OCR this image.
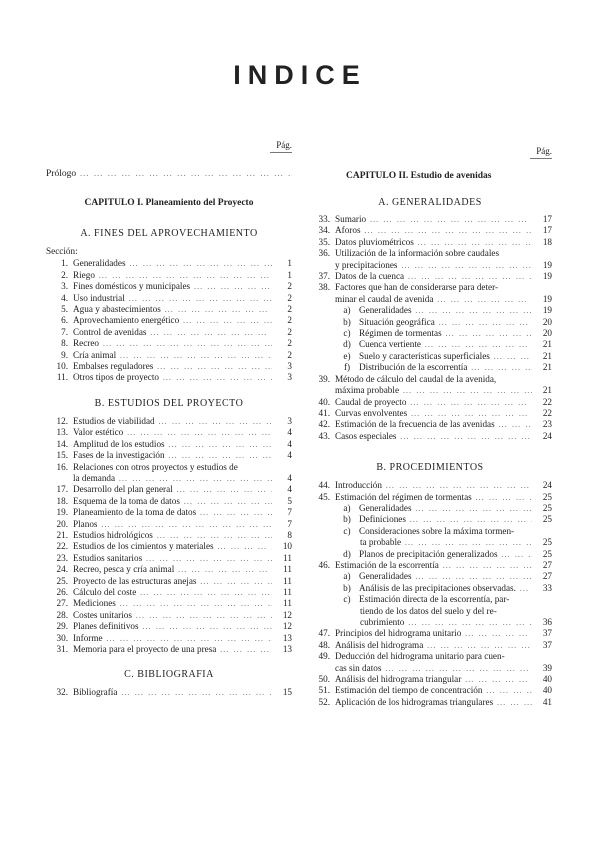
INDICE
Pág.
Prólogo … … … … … … … … … … … … … … … … … … … … … …
CAPITULO I. Planeamiento del Proyecto
A. FINES DEL APROVECHAMIENTO
Sección:
1. Generalidades … … … … … … … … … … … … … … … … … … … … … …	1
2. Riego … … … … … … … … … … … … … … … … … … … … … …	1
3. Fines domésticos y municipales … … … … … … … … … … … … … … … … … … … … … …	2
4. Uso industrial … … … … … … … … … … … … … … … … … … … … … …	2
5. Agua y abastecimientos … … … … … … … … … … … … … … … … … … … … … …	2
6. Aprovechamiento energético … … … … … … … … … … … … … … … … … … … … … …	2
7. Control de avenidas … … … … … … … … … … … … … … … … … … … … … …	2
8. Recreo … … … … … … … … … … … … … … … … … … … … … …	2
9. Cría animal … … … … … … … … … … … … … … … … … … … … … …	2
10. Embalses reguladores … … … … … … … … … … … … … … … … … … … … … …	3
11. Otros tipos de proyecto … … … … … … … … … … … … … … … … … … … … … …	3
B. ESTUDIOS DEL PROYECTO
12. Estudios de viabilidad … … … … … … … … … … … … … … … … … … … … … …	3
13. Valor estético … … … … … … … … … … … … … … … … … … … … … …	4
14. Amplitud de los estudios … … … … … … … … … … … … … … … … … … … … … …	4
15. Fases de la investigación … … … … … … … … … … … … … … … … … … … … … …	4
16. Relaciones con otros proyectos y estudios de
la demanda … … … … … … … … … … … … … … … … … … … … … …	4
17. Desarrollo del plan general … … … … … … … … … … … … … … … … … … … … … …	4
18. Esquema de la toma de datos … … … … … … … … … … … … … … … … … … … … … …	5
19. Planeamiento de la toma de datos … … … … … … … … … … … … … … … … … … … … … …	7
20. Planos … … … … … … … … … … … … … … … … … … … … … …	7
21. Estudios hidrológicos … … … … … … … … … … … … … … … … … … … … … …	8
22. Estudios de los cimientos y materiales … … … … … … … … … … … … … … … … … … … … … …	10
23. Estudios sanitarios … … … … … … … … … … … … … … … … … … … … … …	11
24. Recreo, pesca y cría animal … … … … … … … … … … … … … … … … … … … … … …	11
25. Proyecto de las estructuras anejas … … … … … … … … … … … … … … … … … … … … … …	11
26. Cálculo del coste … … … … … … … … … … … … … … … … … … … … … …	11
27. Mediciones … … … … … … … … … … … … … … … … … … … … … …	11
28. Costes unitarios … … … … … … … … … … … … … … … … … … … … … …	12
29. Planes definitivos … … … … … … … … … … … … … … … … … … … … … …	12
30. Informe … … … … … … … … … … … … … … … … … … … … … …	13
31. Memoria para el proyecto de una presa … … … … … … … … … … … … … … … … … … … … … …	13
C. BIBLIOGRAFIA
32. Bibliografía … … … … … … … … … … … … … … … … … … … … … …	15
Pág.
CAPITULO II. Estudio de avenidas
A. GENERALIDADES
33. Sumario … … … … … … … … … … … … … … … … … … … … … …	17
34. Aforos … … … … … … … … … … … … … … … … … … … … … …	17
35. Datos pluviométricos … … … … … … … … … … … … … … … … … … … … … …	18
36. Utilización de la información sobre caudales
y precipitaciones … … … … … … … … … … … … … … … … … … … … … …	19
37. Datos de la cuenca … … … … … … … … … … … … … … … … … … … … … …	19
38. Factores que han de considerarse para deter-
minar el caudal de avenida … … … … … … … … … … … … … … … … … … … … … …	19
a) Generalidades … … … … … … … … … … … … … … … … … … … … … …	19
b) Situación geográfica … … … … … … … … … … … … … … … … … … … … … …	20
c) Régimen de tormentas … … … … … … … … … … … … … … … … … … … … … …	20
d) Cuenca vertiente … … … … … … … … … … … … … … … … … … … … … …	21
e) Suelo y características superficiales … … … … … … … … … … … … … … … … … … … … … …	21
f) Distribución de la escorrentía … … … … … … … … … … … … … … … … … … … … … …	21
39. Método de cálculo del caudal de la avenida,
máxima probable … … … … … … … … … … … … … … … … … … … … … …	21
40. Caudal de proyecto … … … … … … … … … … … … … … … … … … … … … …	22
41. Curvas envolventes … … … … … … … … … … … … … … … … … … … … … …	22
42. Estimación de la frecuencia de las avenidas … … … … … … … … … … … … … … … … … … … … … …	23
43. Casos especiales … … … … … … … … … … … … … … … … … … … … … …	24
B. PROCEDIMIENTOS
44. Introducción … … … … … … … … … … … … … … … … … … … … … …	24
45. Estimación del régimen de tormentas … … … … … … … … … … … … … … … … … … … … … …	25
a) Generalidades … … … … … … … … … … … … … … … … … … … … … …	25
b) Definiciones … … … … … … … … … … … … … … … … … … … … … …	25
c) Consideraciones sobre la máxima tormen-
ta probable … … … … … … … … … … … … … … … … … … … … … …	25
d) Planos de precipitación generalizados … … … … … … … … … … … … … … … … … … … … … …	25
46. Estimación de la escorrentía … … … … … … … … … … … … … … … … … … … … … …	27
a) Generalidades … … … … … … … … … … … … … … … … … … … … … …	27
b) Análisis de las precipitaciones observadas. … … … … … … … … … … … … … … … … … … … … … …	33
c) Estimación directa de la escorrentía, par-
tiendo de los datos del suelo y del re-
cubrimiento … … … … … … … … … … … … … … … … … … … … … …	36
47. Principios del hidrograma unitario … … … … … … … … … … … … … … … … … … … … … …	37
48. Análisis del hidrograma … … … … … … … … … … … … … … … … … … … … … …	37
49. Deducción del hidrograma unitario para cuen-
cas sin datos … … … … … … … … … … … … … … … … … … … … … …	39
50. Análisis del hidrograma triangular … … … … … … … … … … … … … … … … … … … … … …	40
51. Estimación del tiempo de concentración … … … … … … … … … … … … … … … … … … … … … …	40
52. Aplicación de los hidrogramas triangulares … … … … … … … … … … … … … … … … … … … … … …	41
